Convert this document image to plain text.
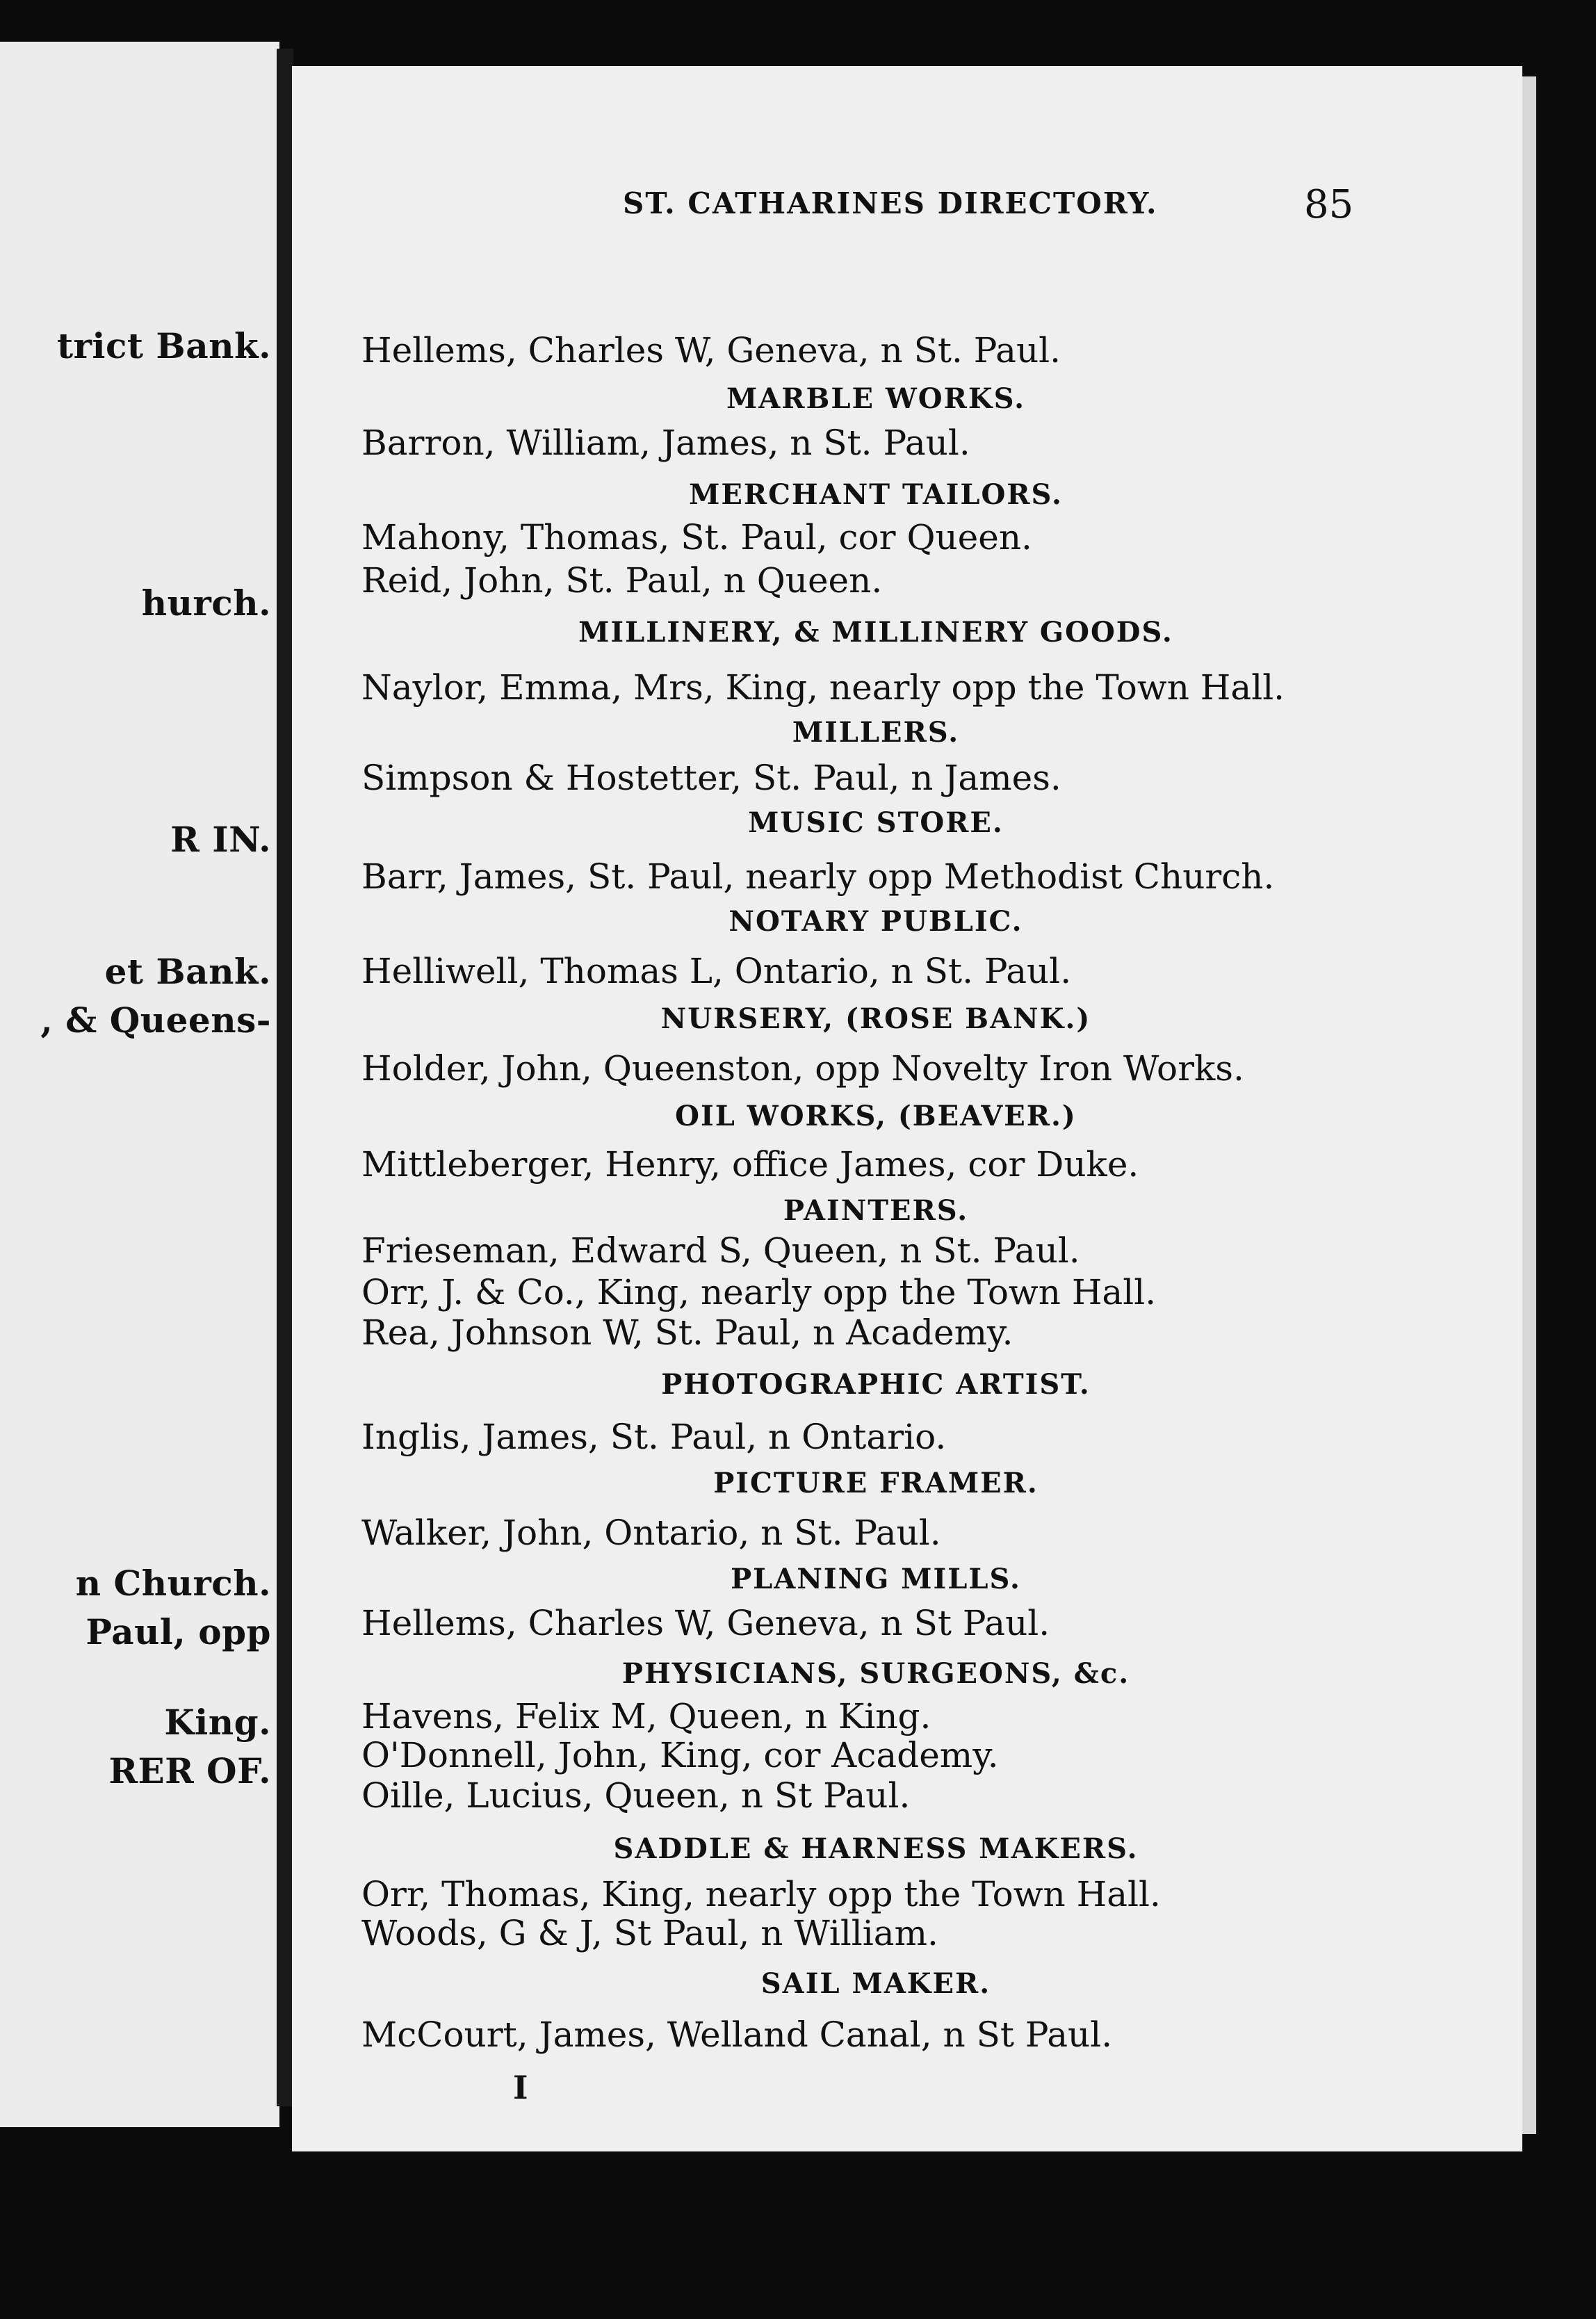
trict Bank.
hurch.
R IN.
et Bank.
, & Queens-
n Church.
Paul, opp
King.
RER OF.
ST. CATHARINES DIRECTORY.	85
Hellems, Charles W, Geneva, n St. Paul.
MARBLE WORKS.
Barron, William, James, n St. Paul.
MERCHANT TAILORS.
Mahony, Thomas, St. Paul, cor Queen.
Reid, John, St. Paul, n Queen.
MILLINERY, & MILLINERY GOODS.
Naylor, Emma, Mrs, King, nearly opp the Town Hall.
MILLERS.
Simpson & Hostetter, St. Paul, n James.
MUSIC STORE.
Barr, James, St. Paul, nearly opp Methodist Church.
NOTARY PUBLIC.
Helliwell, Thomas L, Ontario, n St. Paul.
NURSERY, (ROSE BANK.)
Holder, John, Queenston, opp Novelty Iron Works.
OIL WORKS, (BEAVER.)
Mittleberger, Henry, office James, cor Duke.
PAINTERS.
Frieseman, Edward S, Queen, n St. Paul.
Orr, J. & Co., King, nearly opp the Town Hall.
Rea, Johnson W, St. Paul, n Academy.
PHOTOGRAPHIC ARTIST.
Inglis, James, St. Paul, n Ontario.
PICTURE FRAMER.
Walker, John, Ontario, n St. Paul.
PLANING MILLS.
Hellems, Charles W, Geneva, n St Paul.
PHYSICIANS, SURGEONS, &c.
Havens, Felix M, Queen, n King.
O'Donnell, John, King, cor Academy.
Oille, Lucius, Queen, n St Paul.
SADDLE & HARNESS MAKERS.
Orr, Thomas, King, nearly opp the Town Hall.
Woods, G & J, St Paul, n William.
SAIL MAKER.
McCourt, James, Welland Canal, n St Paul.
I
